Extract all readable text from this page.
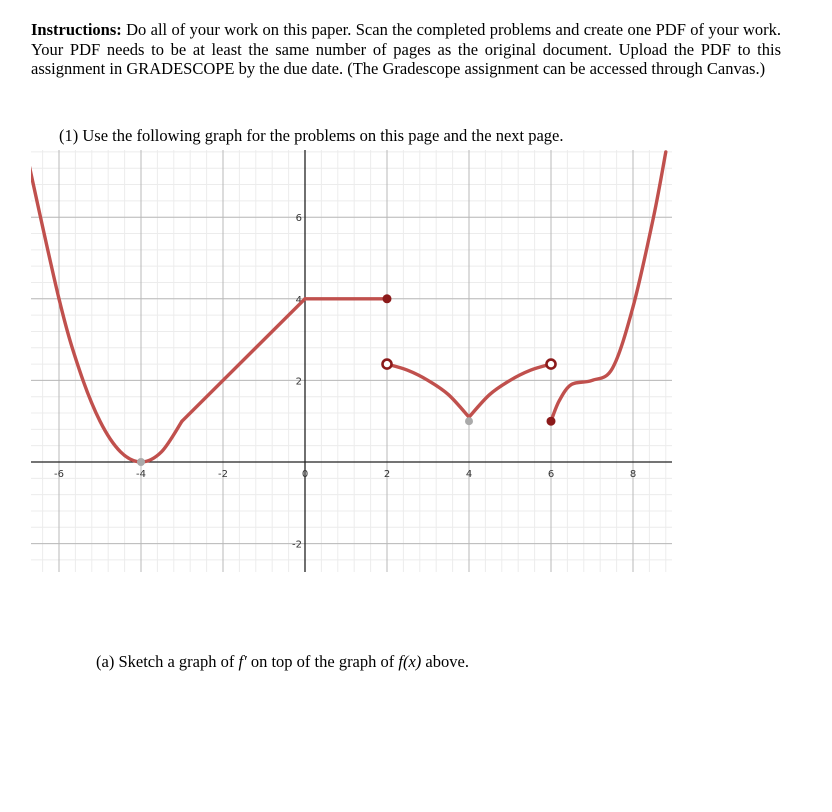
Instructions: Do all of your work on this paper. Scan the completed problems and create one PDF of your work. Your PDF needs to be at least the same number of pages as the original document. Upload the PDF to this assignment in GRADESCOPE by the due date. (The Gradescope assignment can be accessed through Canvas.)
(1) Use the following graph for the problems on this page and the next page.
-6	-4	-2	0	2	4	6	8
-2
2
4
6
(a) Sketch a graph of f′ on top of the graph of f(x) above.
